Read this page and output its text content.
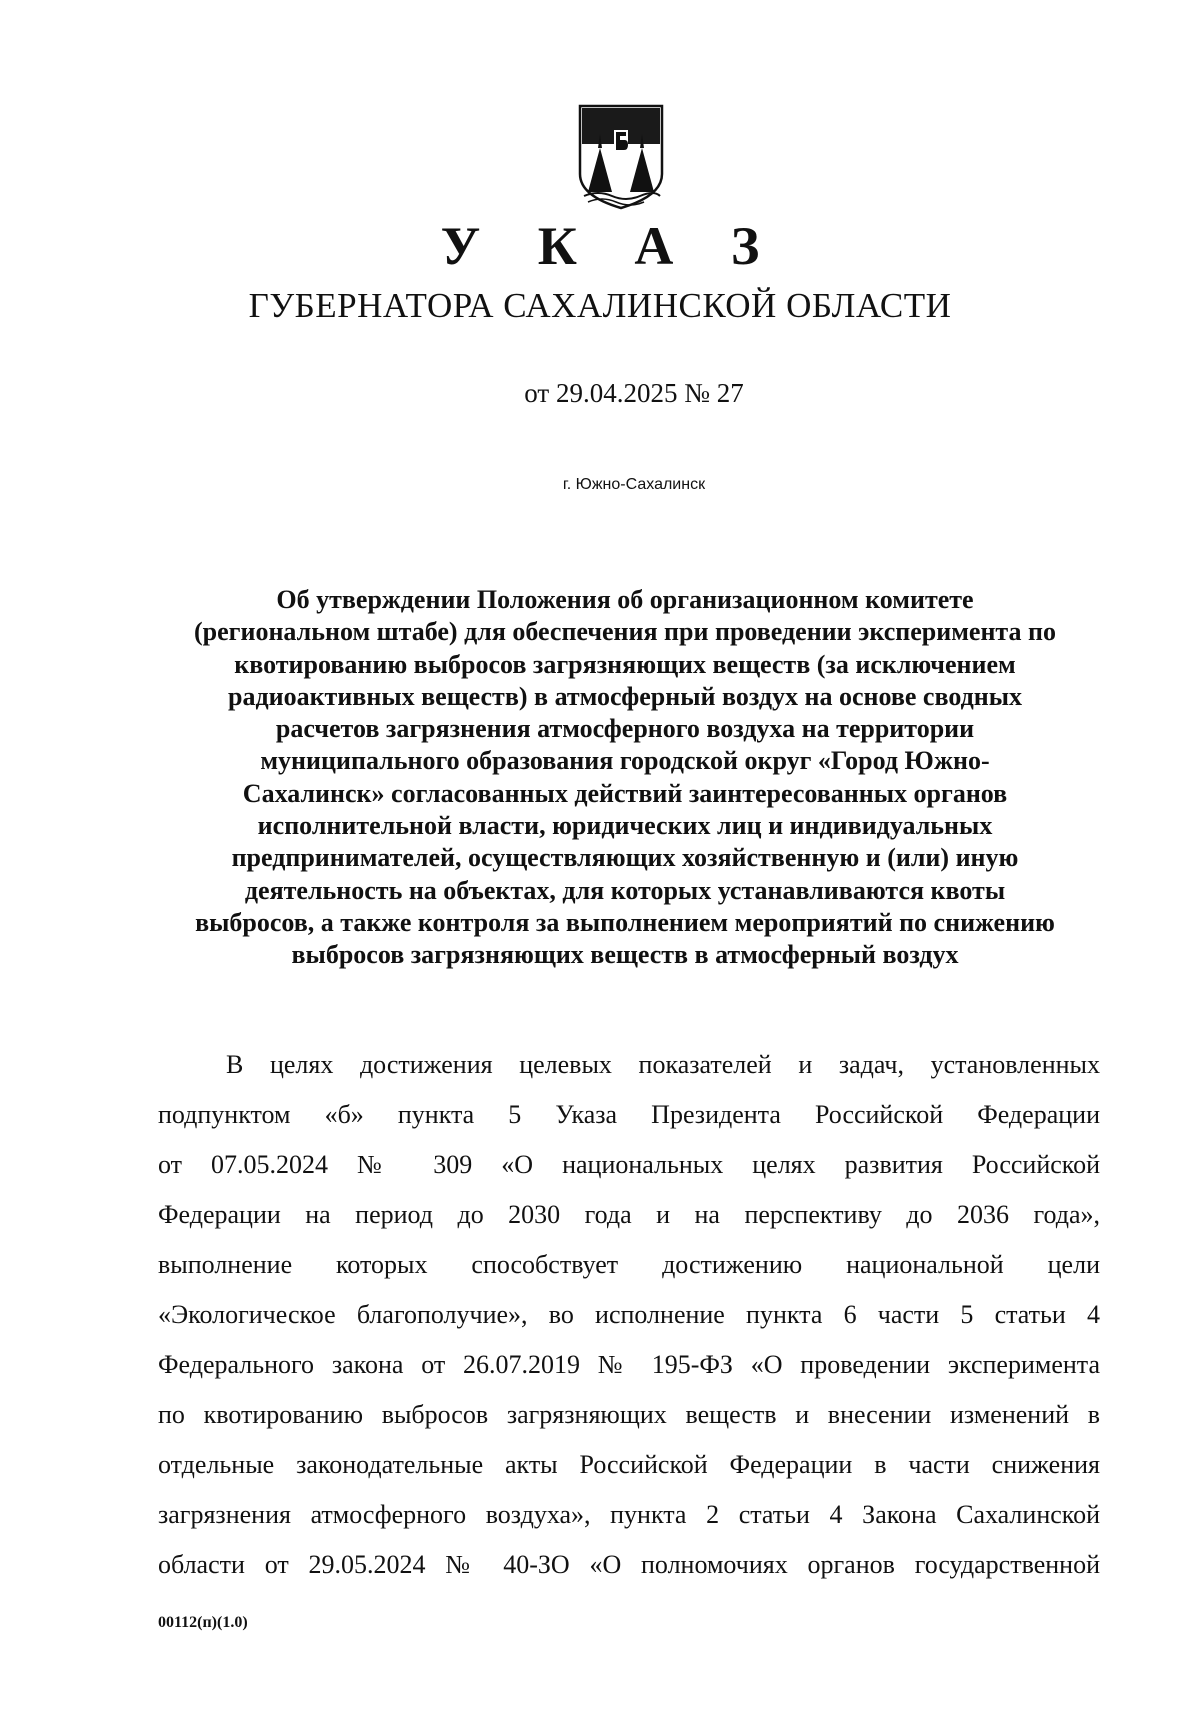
У К А З
ГУБЕРНАТОРА САХАЛИНСКОЙ ОБЛАСТИ
от 29.04.2025 № 27
г. Южно-Сахалинск

Об утверждении Положения об организационном комитете
(региональном штабе) для обеспечения при проведении эксперимента по
квотированию выбросов загрязняющих веществ (за исключением
радиоактивных веществ) в атмосферный воздух на основе сводных
расчетов загрязнения атмосферного воздуха на территории
муниципального образования городской округ «Город Южно-
Сахалинск» согласованных действий заинтересованных органов
исполнительной власти, юридических лиц и индивидуальных
предпринимателей, осуществляющих хозяйственную и (или) иную
деятельность на объектах, для которых устанавливаются квоты
выбросов, а также контроля за выполнением мероприятий по снижению
выбросов загрязняющих веществ в атмосферный воздух

В целях достижения целевых показателей и задач, установленных
подпунктом «б» пункта 5 Указа Президента Российской Федерации
от 07.05.2024 № 309 «О национальных целях развития Российской
Федерации на период до 2030 года и на перспективу до 2036 года»,
выполнение которых способствует достижению национальной цели
«Экологическое благополучие», во исполнение пункта 6 части 5 статьи 4
Федерального закона от 26.07.2019 № 195-ФЗ «О проведении эксперимента
по квотированию выбросов загрязняющих веществ и внесении изменений в
отдельные законодательные акты Российской Федерации в части снижения
загрязнения атмосферного воздуха», пункта 2 статьи 4 Закона Сахалинской
области от 29.05.2024 № 40-ЗО «О полномочиях органов государственной

00112(п)(1.0)
